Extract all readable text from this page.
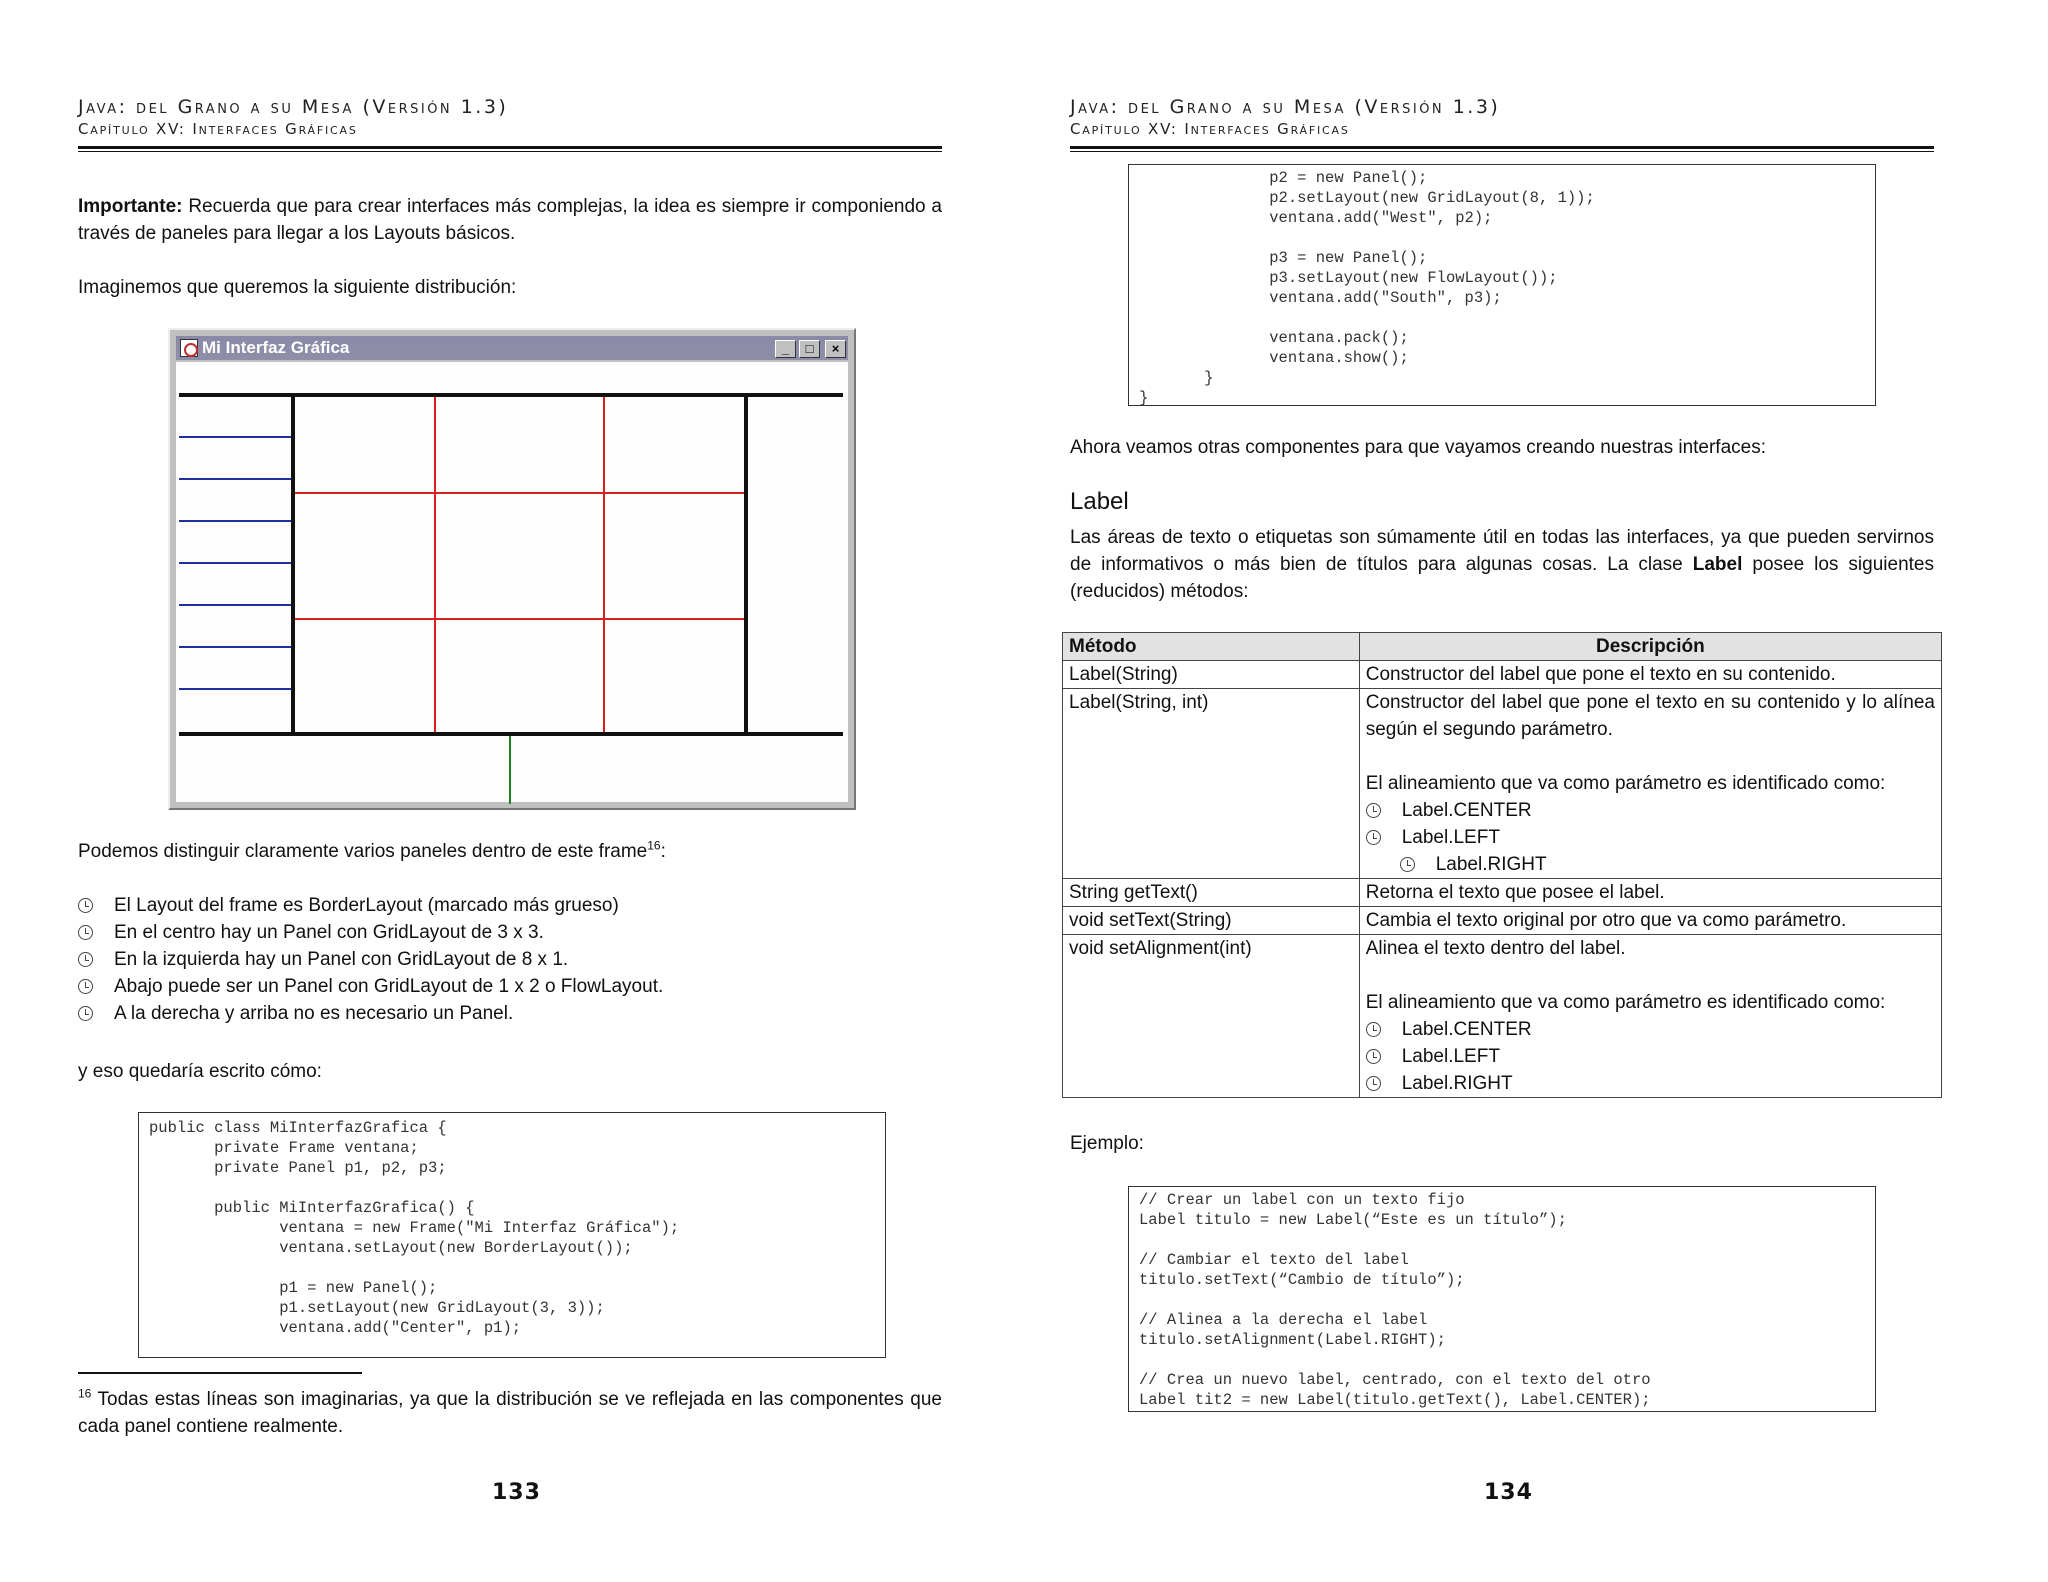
Java: del Grano a su Mesa (Versión 1.3)
Capítulo XV: Interfaces Gráficas
Importante: Recuerda que para crear interfaces más complejas, la idea es siempre ir componiendo a través de paneles para llegar a los Layouts básicos.
Imaginemos que queremos la siguiente distribución:
Mi Interfaz Gráfica	_	□	×
Podemos distinguir claramente varios paneles dentro de este frame$^{16}$:
El Layout del frame es BorderLayout (marcado más grueso)
En el centro hay un Panel con GridLayout de 3 x 3.
En la izquierda hay un Panel con GridLayout de 8 x 1.
Abajo puede ser un Panel con GridLayout de 1 x 2 o FlowLayout.
A la derecha y arriba no es necesario un Panel.
y eso quedaría escrito cómo:
public class MiInterfazGrafica {
private Frame ventana;
private Panel p1, p2, p3;

public MiInterfazGrafica() {
ventana = new Frame("Mi Interfaz Gráfica");
ventana.setLayout(new BorderLayout());

p1 = new Panel();
p1.setLayout(new GridLayout(3, 3));
ventana.add("Center", p1);
$^{16}$ Todas estas líneas son imaginarias, ya que la distribución se ve reflejada en las componentes que cada panel contiene realmente.
133
Java: del Grano a su Mesa (Versión 1.3)
Capítulo XV: Interfaces Gráficas
p2 = new Panel();
p2.setLayout(new GridLayout(8, 1));
ventana.add("West", p2);

p3 = new Panel();
p3.setLayout(new FlowLayout());
ventana.add("South", p3);

ventana.pack();
ventana.show();
}
}
Ahora veamos otras componentes para que vayamos creando nuestras interfaces:
Label
Las áreas de texto o etiquetas son súmamente útil en todas las interfaces, ya que pueden servirnos de informativos o más bien de títulos para algunas cosas. La clase Label posee los siguientes (reducidos) métodos:
Método	Descripción
Label(String)	Constructor del label que pone el texto en su contenido.
Label(String, int)	Constructor del label que pone el texto en su contenido y lo alínea según el segundo parámetro.
El alineamiento que va como parámetro es identificado como:
Label.CENTER
Label.LEFT
Label.RIGHT

String getText()	Retorna el texto que posee el label.
void setText(String)	Cambia el texto original por otro que va como parámetro.
void setAlignment(int)	Alinea el texto dentro del label.
El alineamiento que va como parámetro es identificado como:
Label.CENTER
Label.LEFT
Label.RIGHT
Ejemplo:
// Crear un label con un texto fijo
Label titulo = new Label(“Este es un título”);

// Cambiar el texto del label
titulo.setText(“Cambio de título”);

// Alinea a la derecha el label
titulo.setAlignment(Label.RIGHT);

// Crea un nuevo label, centrado, con el texto del otro
Label tit2 = new Label(titulo.getText(), Label.CENTER);
134
